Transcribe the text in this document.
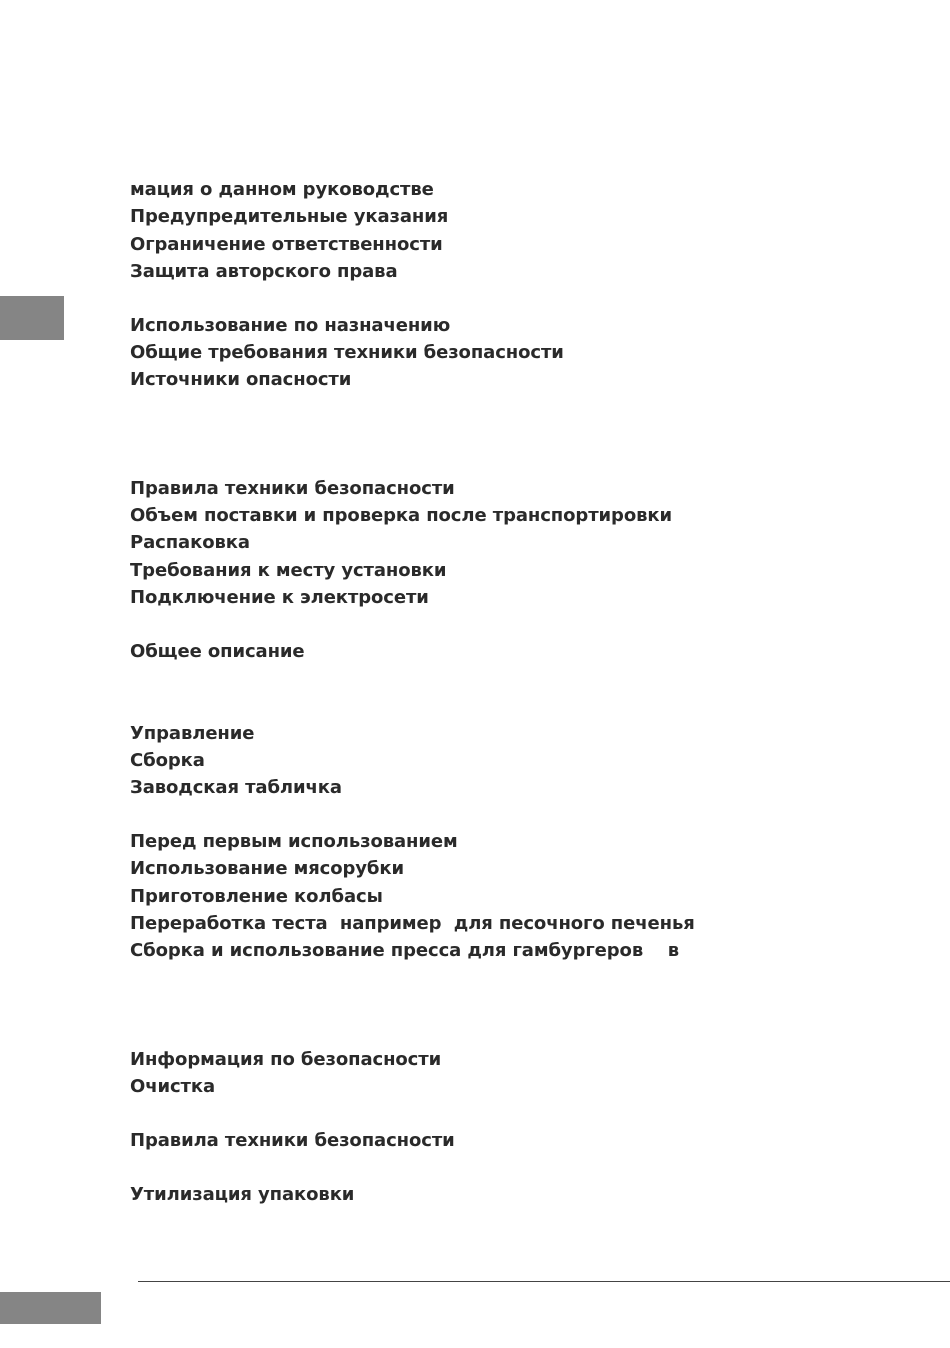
мация о данном руководстве

Предупредительные указания

Ограничение ответственности

Защита авторского права

Использование по назначению

Общие требования техники безопасности

Источники опасности

Правила техники безопасности

Объем поставки и проверка после транспортировки

Распаковка

Требования к месту установки

Подключение к электросети

Общее описание

Управление

Сборка

Заводская табличка

Перед первым использованием

Использование мясорубки

Приготовление колбасы

Переработка теста  например  для песочного печенья

Сборка и использование пресса для гамбургеров    в

Информация по безопасности

Очистка

Правила техники безопасности

Утилизация упаковки
